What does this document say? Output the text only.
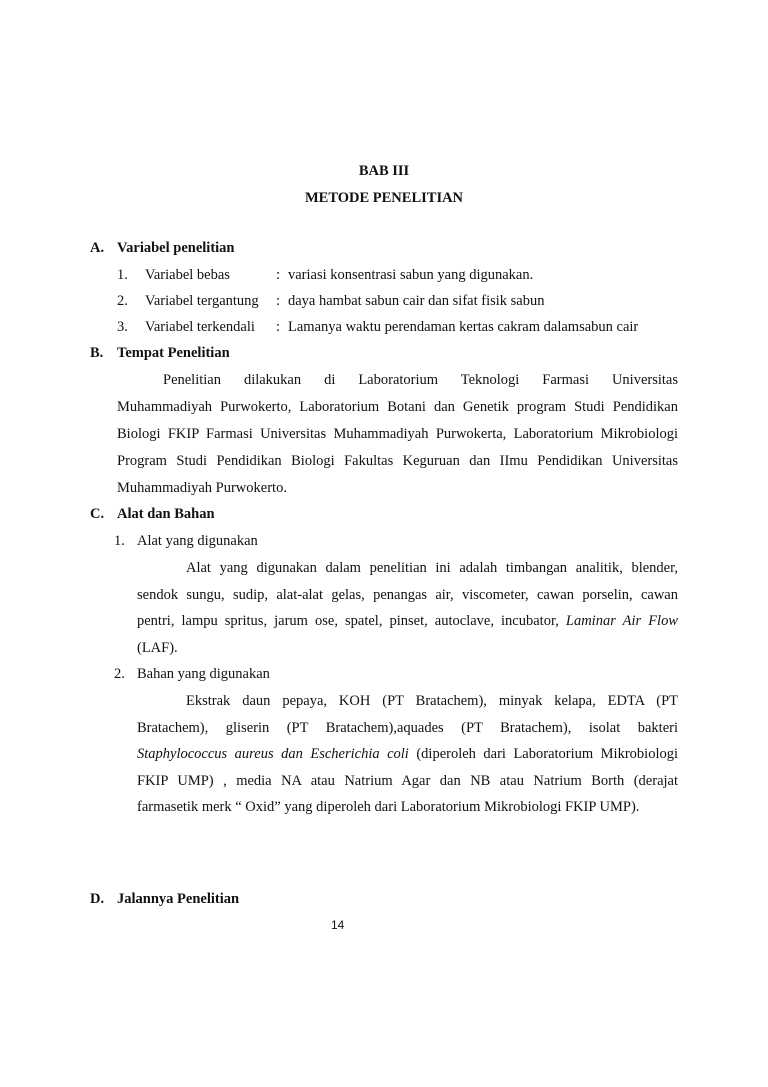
BAB III
METODE PENELITIAN
A. Variabel penelitian
1. Variabel bebas	: variasi konsentrasi sabun yang digunakan.
2. Variabel tergantung : daya hambat sabun cair dan sifat fisik sabun
3. Variabel terkendali : Lamanya waktu perendaman kertas cakram dalamsabun cair
B. Tempat Penelitian
Penelitian dilakukan di Laboratorium Teknologi Farmasi Universitas
Muhammadiyah Purwokerto, Laboratorium Botani dan Genetik program Studi Pendidikan
Biologi FKIP Farmasi Universitas Muhammadiyah Purwokerta, Laboratorium Mikrobiologi
Program Studi Pendidikan Biologi Fakultas Keguruan dan IImu Pendidikan Universitas
Muhammadiyah Purwokerto.
C. Alat dan Bahan
1. Alat yang digunakan
Alat yang digunakan dalam penelitian ini adalah timbangan analitik, blender,
sendok sungu, sudip, alat-alat gelas, penangas air, viscometer, cawan porselin, cawan
pentri, lampu spritus, jarum ose, spatel, pinset, autoclave, incubator, Laminar Air Flow
(LAF).
2. Bahan yang digunakan
Ekstrak daun pepaya, KOH (PT Bratachem), minyak kelapa, EDTA (PT
Bratachem), gliserin (PT Bratachem),aquades (PT Bratachem), isolat bakteri
Staphylococcus aureus dan Escherichia coli (diperoleh dari Laboratorium Mikrobiologi
FKIP UMP) , media NA atau Natrium Agar dan NB atau Natrium Borth (derajat
farmasetik merk “ Oxid” yang diperoleh dari Laboratorium Mikrobiologi FKIP UMP).
D. Jalannya Penelitian
14
